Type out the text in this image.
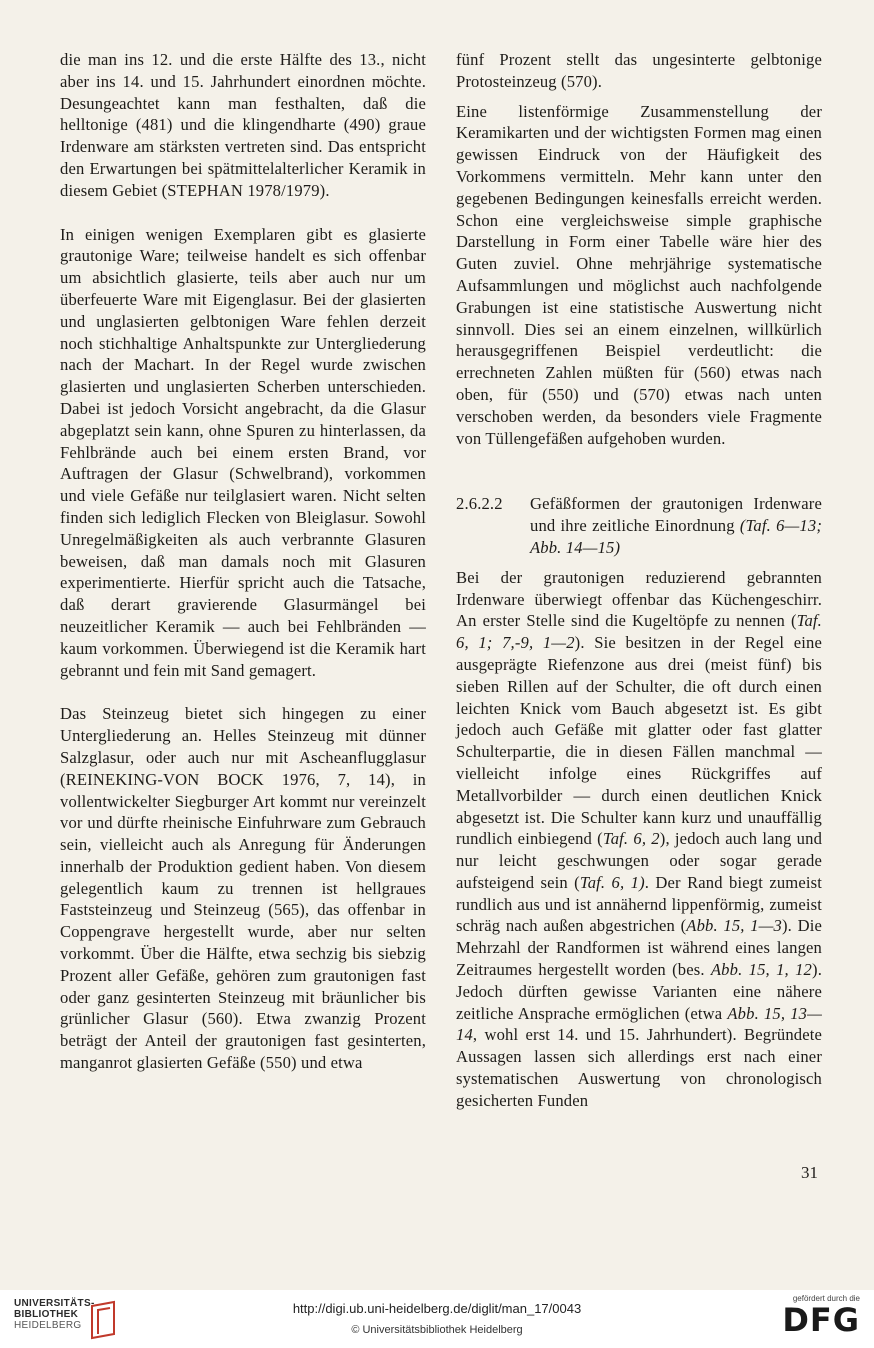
die man ins 12. und die erste Hälfte des 13., nicht aber ins 14. und 15. Jahrhundert einordnen möchte. Desungeachtet kann man festhalten, daß die helltonige (481) und die klingendharte (490) graue Irdenware am stärksten vertreten sind. Das entspricht den Erwartungen bei spätmittelalterlicher Keramik in diesem Gebiet (STEPHAN 1978/1979).

In einigen wenigen Exemplaren gibt es glasierte grautonige Ware; teilweise handelt es sich offenbar um absichtlich glasierte, teils aber auch nur um überfeuerte Ware mit Eigenglasur. Bei der glasierten und unglasierten gelbtonigen Ware fehlen derzeit noch stichhaltige Anhaltspunkte zur Untergliederung nach der Machart. In der Regel wurde zwischen glasierten und unglasierten Scherben unterschieden. Dabei ist jedoch Vorsicht angebracht, da die Glasur abgeplatzt sein kann, ohne Spuren zu hinterlassen, da Fehlbrände auch bei einem ersten Brand, vor Auftragen der Glasur (Schwelbrand), vorkommen und viele Gefäße nur teilglasiert waren. Nicht selten finden sich lediglich Flecken von Bleiglasur. Sowohl Unregelmäßigkeiten als auch verbrannte Glasuren beweisen, daß man damals noch mit Glasuren experimentierte. Hierfür spricht auch die Tatsache, daß derart gravierende Glasurmängel bei neuzeitlicher Keramik — auch bei Fehlbränden — kaum vorkommen. Überwiegend ist die Keramik hart gebrannt und fein mit Sand gemagert.

Das Steinzeug bietet sich hingegen zu einer Untergliederung an. Helles Steinzeug mit dünner Salzglasur, oder auch nur mit Ascheanflugglasur (REINEKING-VON BOCK 1976, 7, 14), in vollentwickelter Siegburger Art kommt nur vereinzelt vor und dürfte rheinische Einfuhrware zum Gebrauch sein, vielleicht auch als Anregung für Änderungen innerhalb der Produktion gedient haben. Von diesem gelegentlich kaum zu trennen ist hellgraues Faststeinzeug und Steinzeug (565), das offenbar in Coppengrave hergestellt wurde, aber nur selten vorkommt. Über die Hälfte, etwa sechzig bis siebzig Prozent aller Gefäße, gehören zum grautonigen fast oder ganz gesinterten Steinzeug mit bräunlicher bis grünlicher Glasur (560). Etwa zwanzig Prozent beträgt der Anteil der grautonigen fast gesinterten, manganrot glasierten Gefäße (550) und etwa

fünf Prozent stellt das ungesinterte gelbtonige Protosteinzeug (570).

Eine listenförmige Zusammenstellung der Keramikarten und der wichtigsten Formen mag einen gewissen Eindruck von der Häufigkeit des Vorkommens vermitteln. Mehr kann unter den gegebenen Bedingungen keinesfalls erreicht werden. Schon eine vergleichsweise simple graphische Darstellung in Form einer Tabelle wäre hier des Guten zuviel. Ohne mehrjährige systematische Aufsammlungen und möglichst auch nachfolgende Grabungen ist eine statistische Auswertung nicht sinnvoll. Dies sei an einem einzelnen, willkürlich herausgegriffenen Beispiel verdeutlicht: die errechneten Zahlen müßten für (560) etwas nach oben, für (550) und (570) etwas nach unten verschoben werden, da besonders viele Fragmente von Tüllengefäßen aufgehoben wurden.

2.6.2.2 Gefäßformen der grautonigen Irdenware und ihre zeitliche Einordnung (Taf. 6—13; Abb. 14—15)

Bei der grautonigen reduzierend gebrannten Irdenware überwiegt offenbar das Küchengeschirr. An erster Stelle sind die Kugeltöpfe zu nennen (Taf. 6, 1; 7,-9, 1—2). Sie besitzen in der Regel eine ausgeprägte Riefenzone aus drei (meist fünf) bis sieben Rillen auf der Schulter, die oft durch einen leichten Knick vom Bauch abgesetzt ist. Es gibt jedoch auch Gefäße mit glatter oder fast glatter Schulterpartie, die in diesen Fällen manchmal — vielleicht infolge eines Rückgriffes auf Metallvorbilder — durch einen deutlichen Knick abgesetzt ist. Die Schulter kann kurz und unauffällig rundlich einbiegend (Taf. 6, 2), jedoch auch lang und nur leicht geschwungen oder sogar gerade aufsteigend sein (Taf. 6, 1). Der Rand biegt zumeist rundlich aus und ist annähernd lippenförmig, zumeist schräg nach außen abgestrichen (Abb. 15, 1—3). Die Mehrzahl der Randformen ist während eines langen Zeitraumes hergestellt worden (bes. Abb. 15, 1, 12). Jedoch dürften gewisse Varianten eine nähere zeitliche Ansprache ermöglichen (etwa Abb. 15, 13—14, wohl erst 14. und 15. Jahrhundert). Begründete Aussagen lassen sich allerdings erst nach einer systematischen Auswertung von chronologisch gesicherten Funden

31
UNIVERSITÄTS-
BIBLIOTHEK
HEIDELBERG
http://digi.ub.uni-heidelberg.de/diglit/man_17/0043
© Universitätsbibliothek Heidelberg
gefördert durch die
DFG
